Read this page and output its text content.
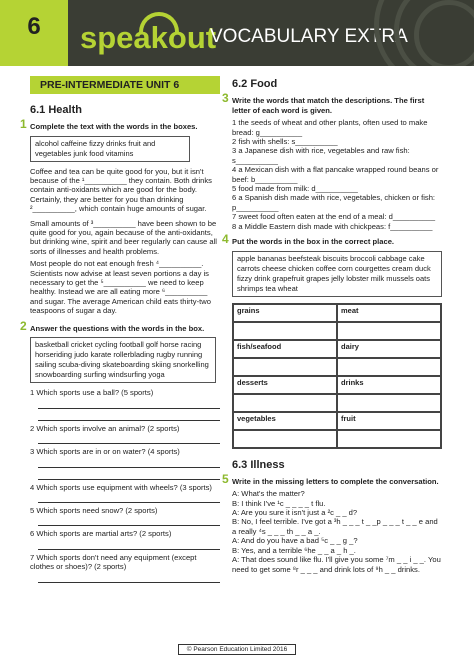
6	speakout
VOCABULARY EXTRA
PRE-INTERMEDIATE UNIT 6
6.1 Health
1 Complete the text with the words in the boxes.

alcohol caffeine fizzy drinks fruit and vegetables junk food vitamins

Coffee and tea can be quite good for you, but it isn't because of the ¹__________ they contain. Both drinks contain anti-oxidants which are good for the body. Certainly, they are better for you than drinking ²__________, which contain huge amounts of sugar.

Small amounts of ³__________ have been shown to be quite good for you, again because of the anti-oxidants, but drinking wine, spirit and beer regularly can cause all sorts of illnesses and health problems.

Most people do not eat enough fresh ⁴__________. Scientists now advise at least seven portions a day is necessary to get the ⁵__________ we need to keep healthy. Instead we are all eating more ⁶__________ and sugar. The average American child eats thirty-two teaspoons of sugar a day.

2 Answer the questions with the words in the box.

basketball cricket cycling football golf horse racing horseriding judo karate rollerblading rugby running sailing scuba-diving skateboarding skiing snorkelling snowboarding surfing windsurfing yoga

1 Which sports use a ball? (5 sports)

2 Which sports involve an animal? (2 sports)

3 Which sports are in or on water? (4 sports)

4 Which sports use equipment with wheels? (3 sports)

5 Which sports need snow? (2 sports)

6 Which sports are martial arts? (2 sports)

7 Which sports don't need any equipment (except clothes or shoes)? (2 sports)

6.2 Food
3 Write the words that match the descriptions. The first letter of each word is given.

1 the seeds of wheat and other plants, often used to make bread: g__________

2 fish with shells: s__________

3 a Japanese dish with rice, vegetables and raw fish: s__________

4 a Mexican dish with a flat pancake wrapped round beans or beef: b__________

5 food made from milk: d__________

6 a Spanish dish made with rice, vegetables, chicken or fish: p__________

7 sweet food often eaten at the end of a meal: d__________

8 a Middle Eastern dish made with chickpeas: f__________

4 Put the words in the box in the correct place.

apple bananas beefsteak biscuits broccoli cabbage cake carrots cheese chicken coffee corn courgettes cream duck fizzy drink grapefruit grapes jelly lobster milk mussels oats shrimps tea wheat
grains	meat
fish/seafood	dairy
desserts	drinks
vegetables	fruit
6.3 Illness
5 Write in the missing letters to complete the conversation.

A: What's the matter?

B: I think I've ¹c _ _ _ _ t flu.

A: Are you sure it isn't just a ²c _ _ d?

B: No, I feel terrible. I've got a ³h _ _ _ t _ _p _ _ _ t _ _ e and a really ⁴s _ _ _ th _ _ a _.

A: And do you have a bad ⁵c _ _ g _?

B: Yes, and a terrible ⁶he _ _ a _ h _.

A: That does sound like flu. I'll give you some ⁷m _ _ i _ _. You need to get some ⁸r _ _ _ and drink lots of ⁹h _ _ drinks.

© Pearson Education Limited 2016
